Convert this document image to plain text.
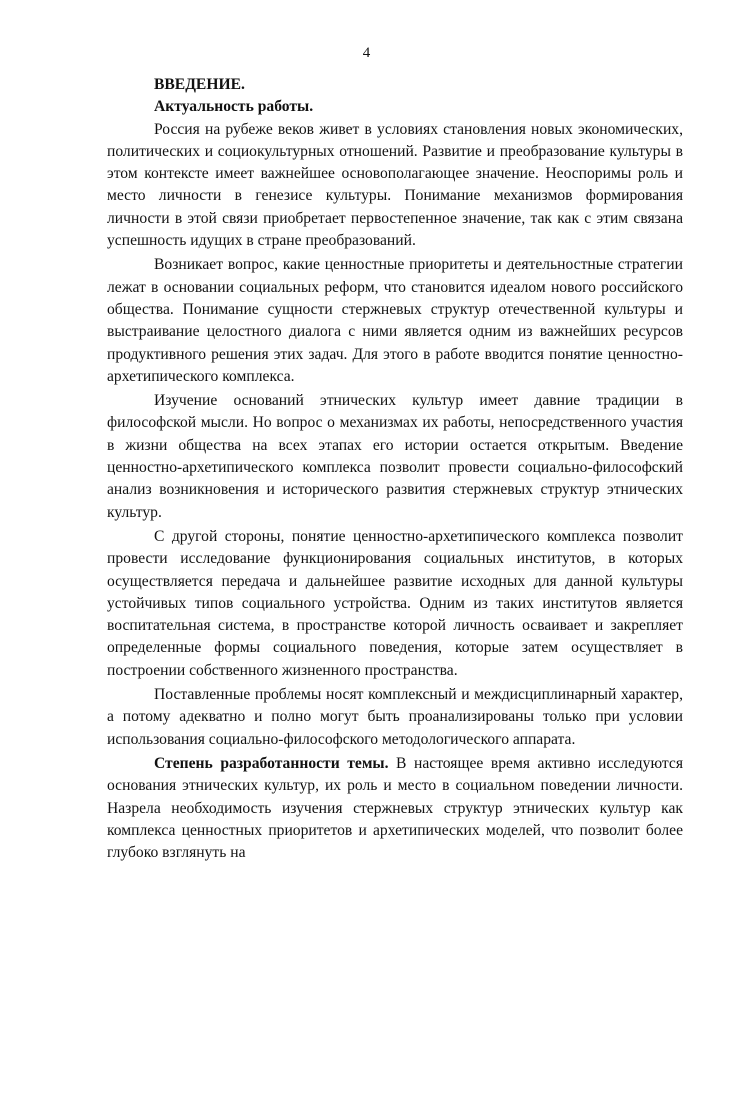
4
ВВЕДЕНИЕ.
Актуальность работы.

Россия на рубеже веков живет в условиях становления новых экономических, политических и социокультурных отношений. Развитие и преобразование культуры в этом контексте имеет важнейшее основополагающее значение. Неоспоримы роль и место личности в генезисе культуры. Понимание механизмов формирования личности в этой связи приобретает первостепенное значение, так как с этим связана успешность идущих в стране преобразований.

Возникает вопрос, какие ценностные приоритеты и деятельностные стратегии лежат в основании социальных реформ, что становится идеалом нового российского общества. Понимание сущности стержневых структур отечественной культуры и выстраивание целостного диалога с ними является одним из важнейших ресурсов продуктивного решения этих задач. Для этого в работе вводится понятие ценностно-архетипического комплекса.

Изучение оснований этнических культур имеет давние традиции в философской мысли. Но вопрос о механизмах их работы, непосредственного участия в жизни общества на всех этапах его истории остается открытым. Введение ценностно-архетипического комплекса позволит провести социально-философский анализ возникновения и исторического развития стержневых структур этнических культур.

С другой стороны, понятие ценностно-архетипического комплекса позволит провести исследование функционирования социальных институтов, в которых осуществляется передача и дальнейшее развитие исходных для данной культуры устойчивых типов социального устройства. Одним из таких институтов является воспитательная система, в пространстве которой личность осваивает и закрепляет определенные формы социального поведения, которые затем осуществляет в построении собственного жизненного пространства.

Поставленные проблемы носят комплексный и междисциплинарный характер, а потому адекватно и полно могут быть проанализированы только при условии использования социально-философского методологического аппарата.

Степень разработанности темы. В настоящее время активно исследуются основания этнических культур, их роль и место в социальном поведении личности. Назрела необходимость изучения стержневых структур этнических культур как комплекса ценностных приоритетов и архетипических моделей, что позволит более глубоко взглянуть на
